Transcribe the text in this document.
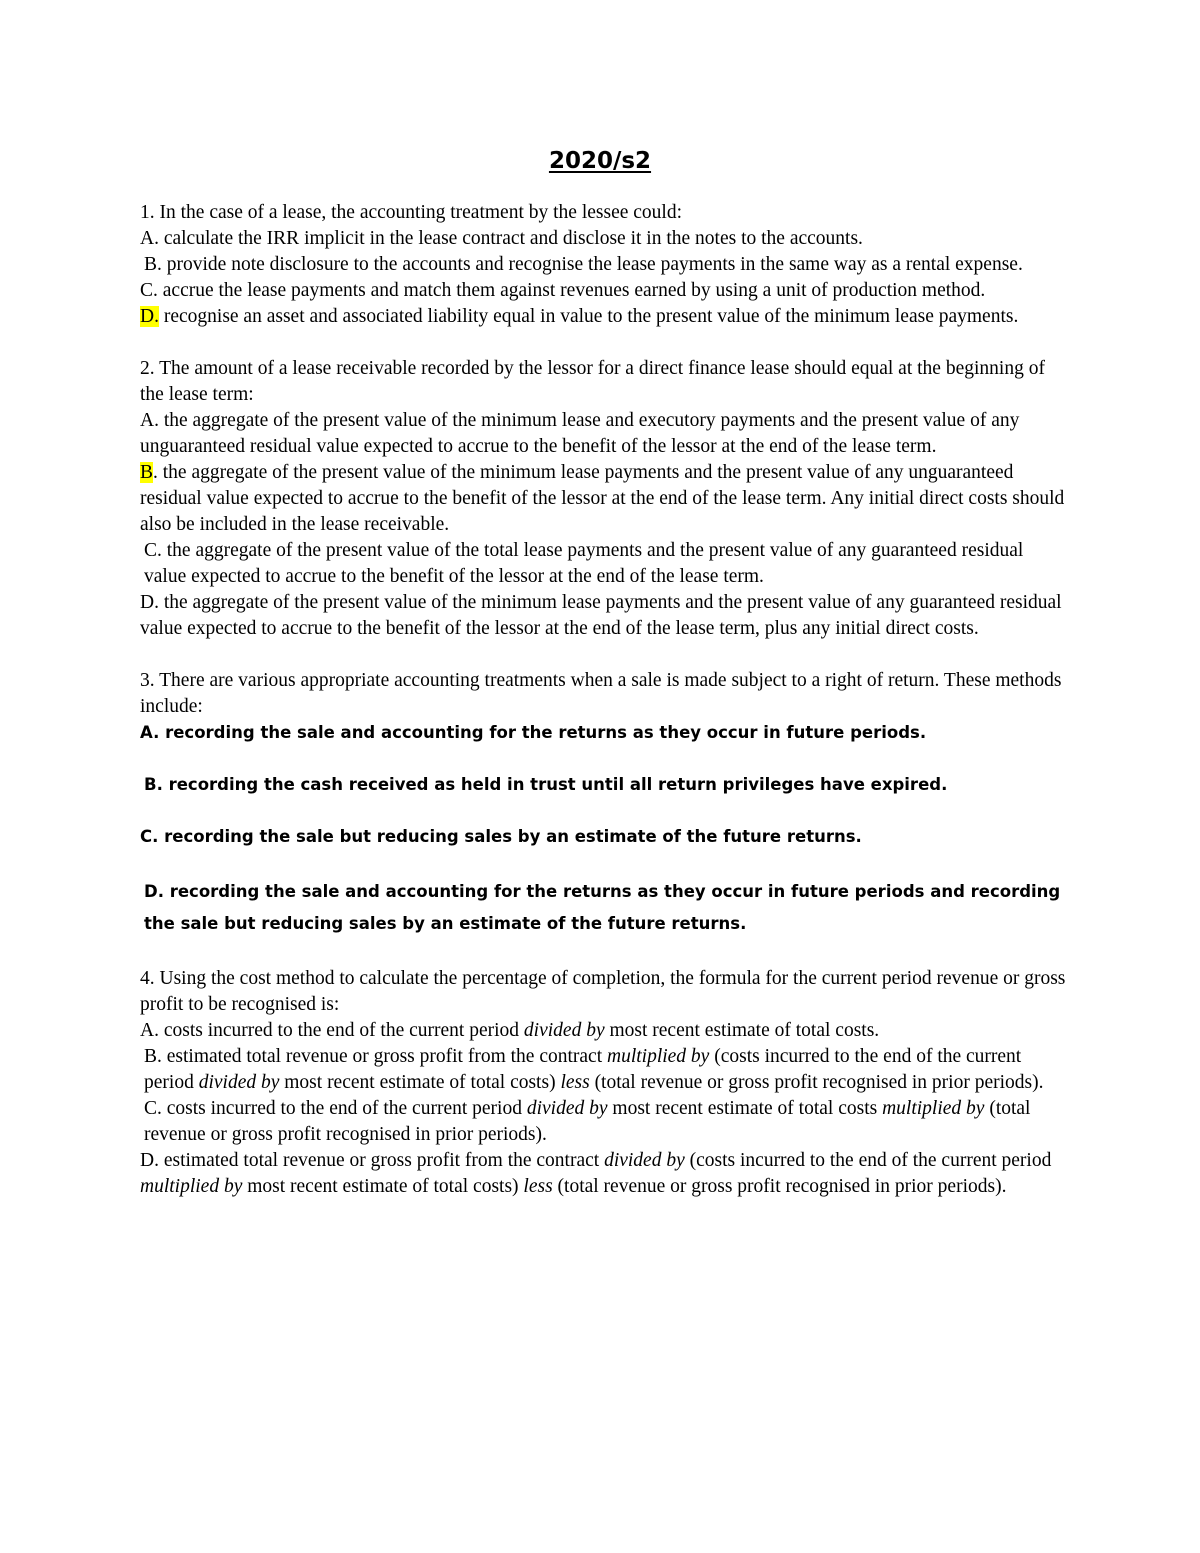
2020/s2

1. In the case of a lease, the accounting treatment by the lessee could:

A. calculate the IRR implicit in the lease contract and disclose it in the notes to the accounts.

B. provide note disclosure to the accounts and recognise the lease payments in the same way as a rental expense.

C. accrue the lease payments and match them against revenues earned by using a unit of production method.

D. recognise an asset and associated liability equal in value to the present value of the minimum lease payments.

2. The amount of a lease receivable recorded by the lessor for a direct finance lease should equal at the beginning of the lease term:

A. the aggregate of the present value of the minimum lease and executory payments and the present value of any unguaranteed residual value expected to accrue to the benefit of the lessor at the end of the lease term.

B. the aggregate of the present value of the minimum lease payments and the present value of any unguaranteed residual value expected to accrue to the benefit of the lessor at the end of the lease term. Any initial direct costs should also be included in the lease receivable.

C. the aggregate of the present value of the total lease payments and the present value of any guaranteed residual value expected to accrue to the benefit of the lessor at the end of the lease term.

D. the aggregate of the present value of the minimum lease payments and the present value of any guaranteed residual value expected to accrue to the benefit of the lessor at the end of the lease term, plus any initial direct costs.

3. There are various appropriate accounting treatments when a sale is made subject to a right of return. These methods include:

A. recording the sale and accounting for the returns as they occur in future periods.

B. recording the cash received as held in trust until all return privileges have expired.

C. recording the sale but reducing sales by an estimate of the future returns.

D. recording the sale and accounting for the returns as they occur in future periods and recording the sale but reducing sales by an estimate of the future returns.

4. Using the cost method to calculate the percentage of completion, the formula for the current period revenue or gross profit to be recognised is:

A. costs incurred to the end of the current period divided by most recent estimate of total costs.

B. estimated total revenue or gross profit from the contract multiplied by (costs incurred to the end of the current period divided by most recent estimate of total costs) less (total revenue or gross profit recognised in prior periods).

C. costs incurred to the end of the current period divided by most recent estimate of total costs multiplied by (total revenue or gross profit recognised in prior periods).

D. estimated total revenue or gross profit from the contract divided by (costs incurred to the end of the current period multiplied by most recent estimate of total costs) less (total revenue or gross profit recognised in prior periods).
